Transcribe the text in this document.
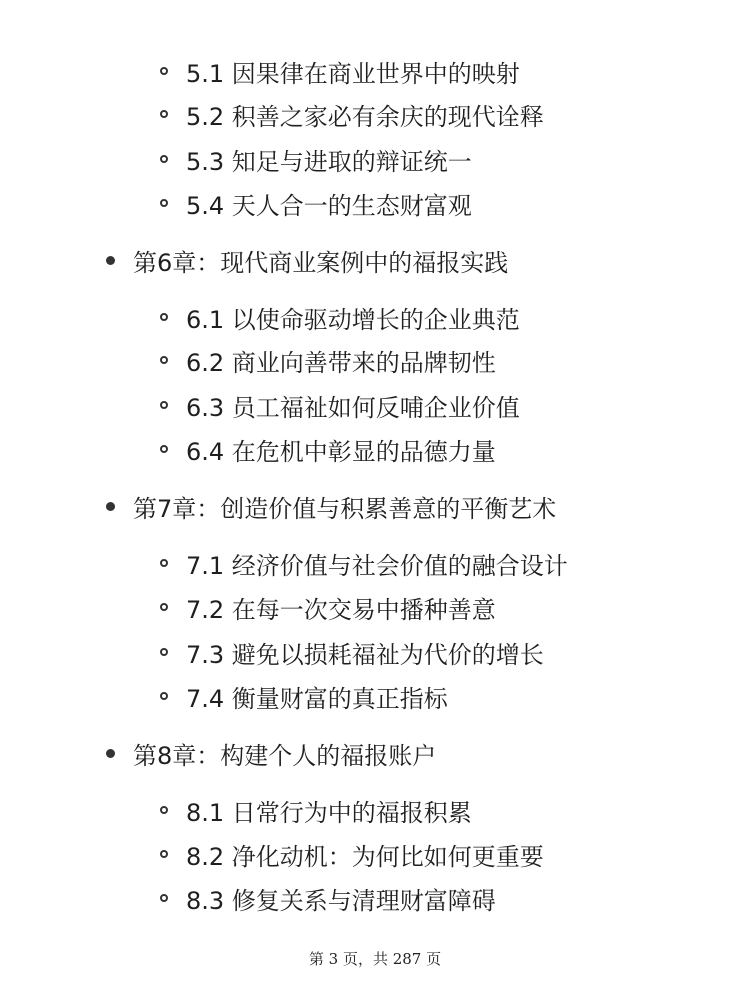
5.1 因果律在商业世界中的映射
5.2 积善之家必有余庆的现代诠释
5.3 知足与进取的辩证统一
5.4 天人合一的生态财富观
第6章：现代商业案例中的福报实践
6.1 以使命驱动增长的企业典范
6.2 商业向善带来的品牌韧性
6.3 员工福祉如何反哺企业价值
6.4 在危机中彰显的品德力量
第7章：创造价值与积累善意的平衡艺术
7.1 经济价值与社会价值的融合设计
7.2 在每一次交易中播种善意
7.3 避免以损耗福祉为代价的增长
7.4 衡量财富的真正指标
第8章：构建个人的福报账户
8.1 日常行为中的福报积累
8.2 净化动机：为何比如何更重要
8.3 修复关系与清理财富障碍
第 3 页，共 287 页
